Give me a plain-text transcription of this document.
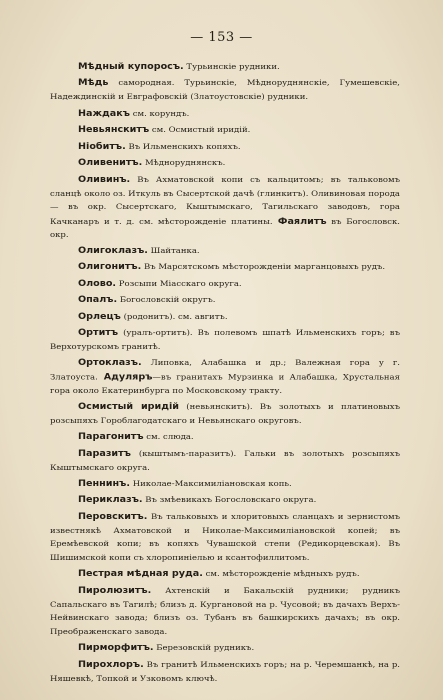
— 153 —
Мѣдный купоросъ. Турьинскіе рудники.
Мѣдь самородная. Турьинскіе, Мѣдноруднянскіе, Гумешевскіе, Надеждинскій и Евграфовскій (Златоустовскіе) рудники.
Наждакъ см. корундъ.
Невьянскитъ см. Осмистый иридій.
Ніобитъ. Въ Ильменскихъ копяхъ.
Оливенитъ. Мѣдноруднянскъ.
Оливинъ. Въ Ахматовской копи съ кальцитомъ; въ тальковомъ сланцѣ около оз. Иткуль въ Сысертской дачѣ (глинкитъ). Оливиновая порода — въ окр. Сысертскаго, Кыштымскаго, Тагильскаго заводовъ, гора Качканаръ и т. д. см. мѣсторожденіе платины. Фаялитъ въ Богословск. окр.
Олигоклазъ. Шайтанка.
Олигонитъ. Въ Марсятскомъ мѣсторожденіи марганцовыхъ рудъ.
Олово. Розсыпи Міасскаго округа.
Опалъ. Богословскій округъ.
Орлецъ (родонитъ). см. авгитъ.
Ортитъ (уралъ-ортитъ). Въ полевомъ шпатѣ Ильменскихъ горъ; въ Верхотурскомъ гранитѣ.
Ортоклазъ. Липовка, Алабашка и др.; Валежная гора у г. Златоуста. Адуляръ—въ гранитахъ Мурзинка и Алабашка, Хрустальная гора около Екатеринбурга по Московскому тракту.
Осмистый иридій (невьянскитъ). Въ золотыхъ и платиновыхъ розсыпяхъ Гороблагодатскаго и Невьянскаго округовъ.
Парагонитъ см. слюда.
Паразитъ (кыштымъ-паразитъ). Гальки въ золотыхъ розсыпяхъ Кыштымскаго округа.
Пеннинъ. Николае-Максимиліановская копь.
Периклазъ. Въ змѣевикахъ Богословскаго округа.
Перовскитъ. Въ тальковыхъ и хлоритовыхъ сланцахъ и зернистомъ известнякѣ Ахматовской и Николае-Максимиліановской копей; въ Еремѣевской копи; въ копяхъ Чувашской степи (Редикорцевская). Въ Шишимской копи съ хлоропиніелью и ксантофиллитомъ.
Пестрая мѣдная руда. см. мѣсторожденіе мѣдныхъ рудъ.
Пиролюзитъ. Ахтенскій и Бакальскій рудники; рудникъ Сапальскаго въ Тагилѣ; близъ д. Кургановой на р. Чусовой; въ дачахъ Верхъ-Нейвинскаго завода; близъ оз. Тубанъ въ башкирскихъ дачахъ; въ окр. Преображенскаго завода.
Пирморфитъ. Березовскій рудникъ.
Пирохлоръ. Въ гранитѣ Ильменскихъ горъ; на р. Черемшанкѣ, на р. Няшевкѣ, Топкой и Узковомъ ключѣ.
